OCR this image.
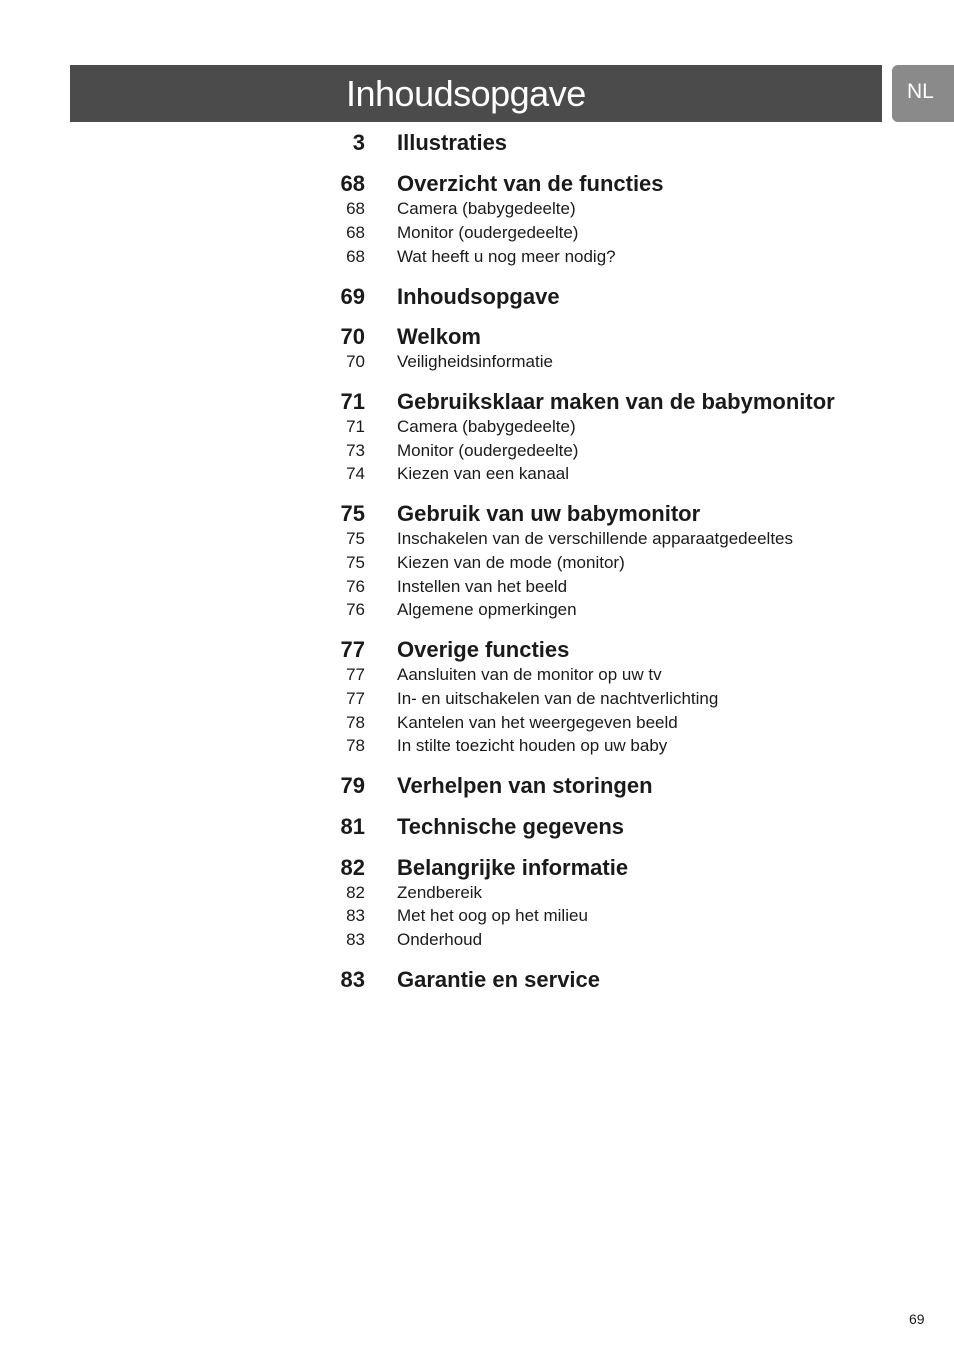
Inhoudsopgave	NL
3 Illustraties
68 Overzicht van de functies
68 Camera (babygedeelte)
68 Monitor (oudergedeelte)
68 Wat heeft u nog meer nodig?
69 Inhoudsopgave
70 Welkom
70 Veiligheidsinformatie
71 Gebruiksklaar maken van de babymonitor
71 Camera (babygedeelte)
73 Monitor (oudergedeelte)
74 Kiezen van een kanaal
75 Gebruik van uw babymonitor
75 Inschakelen van de verschillende apparaatgedeeltes
75 Kiezen van de mode (monitor)
76 Instellen van het beeld
76 Algemene opmerkingen
77 Overige functies
77 Aansluiten van de monitor op uw tv
77 In- en uitschakelen van de nachtverlichting
78 Kantelen van het weergegeven beeld
78 In stilte toezicht houden op uw baby
79 Verhelpen van storingen
81 Technische gegevens
82 Belangrijke informatie
82 Zendbereik
83 Met het oog op het milieu
83 Onderhoud
83 Garantie en service
69
